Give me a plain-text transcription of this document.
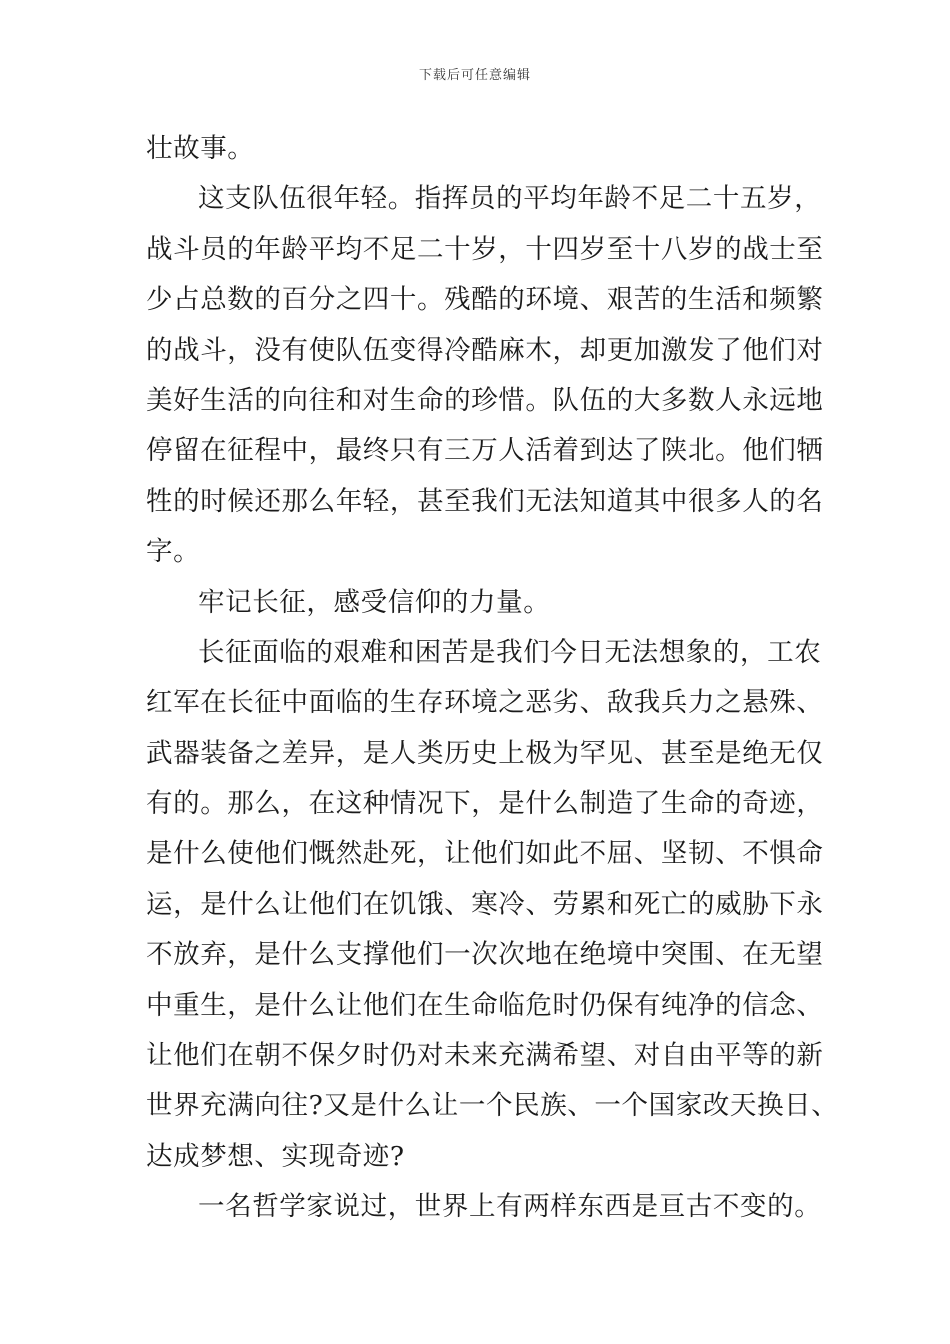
下载后可任意编辑
壮故事。
这支队伍很年轻。指挥员的平均年龄不足二十五岁，
战斗员的年龄平均不足二十岁，十四岁至十八岁的战士至
少占总数的百分之四十。残酷的环境、艰苦的生活和频繁
的战斗，没有使队伍变得冷酷麻木，却更加激发了他们对
美好生活的向往和对生命的珍惜。队伍的大多数人永远地
停留在征程中，最终只有三万人活着到达了陕北。他们牺
牲的时候还那么年轻，甚至我们无法知道其中很多人的名
字。
牢记长征，感受信仰的力量。
长征面临的艰难和困苦是我们今日无法想象的，工农
红军在长征中面临的生存环境之恶劣、敌我兵力之悬殊、
武器装备之差异，是人类历史上极为罕见、甚至是绝无仅
有的。那么，在这种情况下，是什么制造了生命的奇迹，
是什么使他们慨然赴死，让他们如此不屈、坚韧、不惧命
运，是什么让他们在饥饿、寒冷、劳累和死亡的威胁下永
不放弃，是什么支撑他们一次次地在绝境中突围、在无望
中重生，是什么让他们在生命临危时仍保有纯净的信念、
让他们在朝不保夕时仍对未来充满希望、对自由平等的新
世界充满向往?又是什么让一个民族、一个国家改天换日、
达成梦想、实现奇迹?
一名哲学家说过，世界上有两样东西是亘古不变的。
